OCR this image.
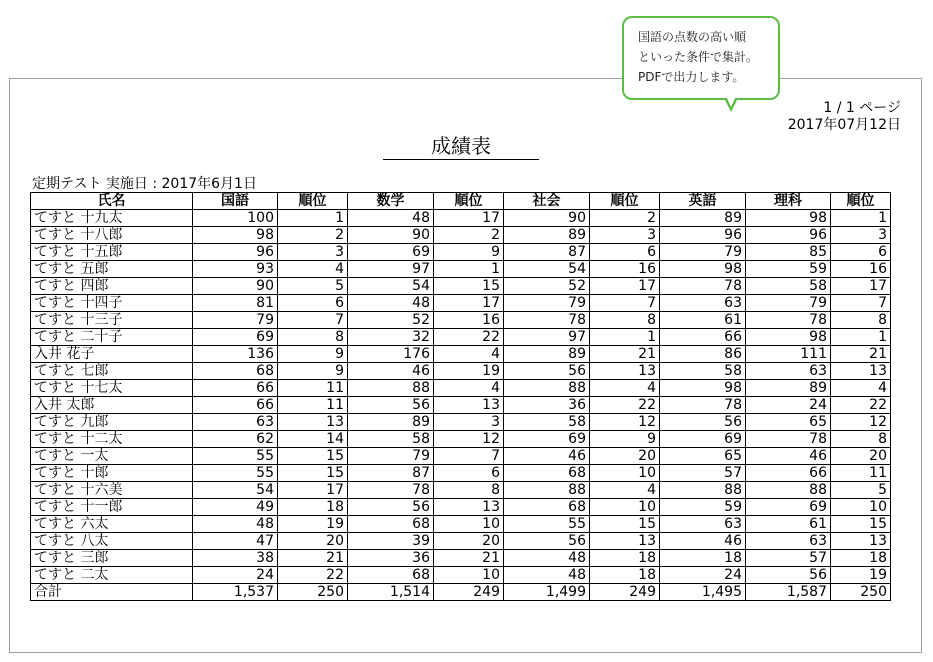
1 / 1 ページ
2017年07月12日
成績表
定期テスト 実施日 : 2017年6月1日
氏名	国語	順位	数学	順位	社会	順位	英語	理科	順位
てすと 十九太	100	1	48	17	90	2	89	98	1
てすと 十八郎	98	2	90	2	89	3	96	96	3
てすと 十五郎	96	3	69	9	87	6	79	85	6
てすと 五郎	93	4	97	1	54	16	98	59	16
てすと 四郎	90	5	54	15	52	17	78	58	17
てすと 十四子	81	6	48	17	79	7	63	79	7
てすと 十三子	79	7	52	16	78	8	61	78	8
てすと 二十子	69	8	32	22	97	1	66	98	1
入井 花子	136	9	176	4	89	21	86	111	21
てすと 七郎	68	9	46	19	56	13	58	63	13
てすと 十七太	66	11	88	4	88	4	98	89	4
入井 太郎	66	11	56	13	36	22	78	24	22
てすと 九郎	63	13	89	3	58	12	56	65	12
てすと 十二太	62	14	58	12	69	9	69	78	8
てすと 一太	55	15	79	7	46	20	65	46	20
てすと 十郎	55	15	87	6	68	10	57	66	11
てすと 十六美	54	17	78	8	88	4	88	88	5
てすと 十一郎	49	18	56	13	68	10	59	69	10
てすと 六太	48	19	68	10	55	15	63	61	15
てすと 八太	47	20	39	20	56	13	46	63	13
てすと 三郎	38	21	36	21	48	18	18	57	18
てすと 二太	24	22	68	10	48	18	24	56	19
合計	1,537	250	1,514	249	1,499	249	1,495	1,587	250
国語の点数の高い順
といった条件で集計。
PDFで出力します。
